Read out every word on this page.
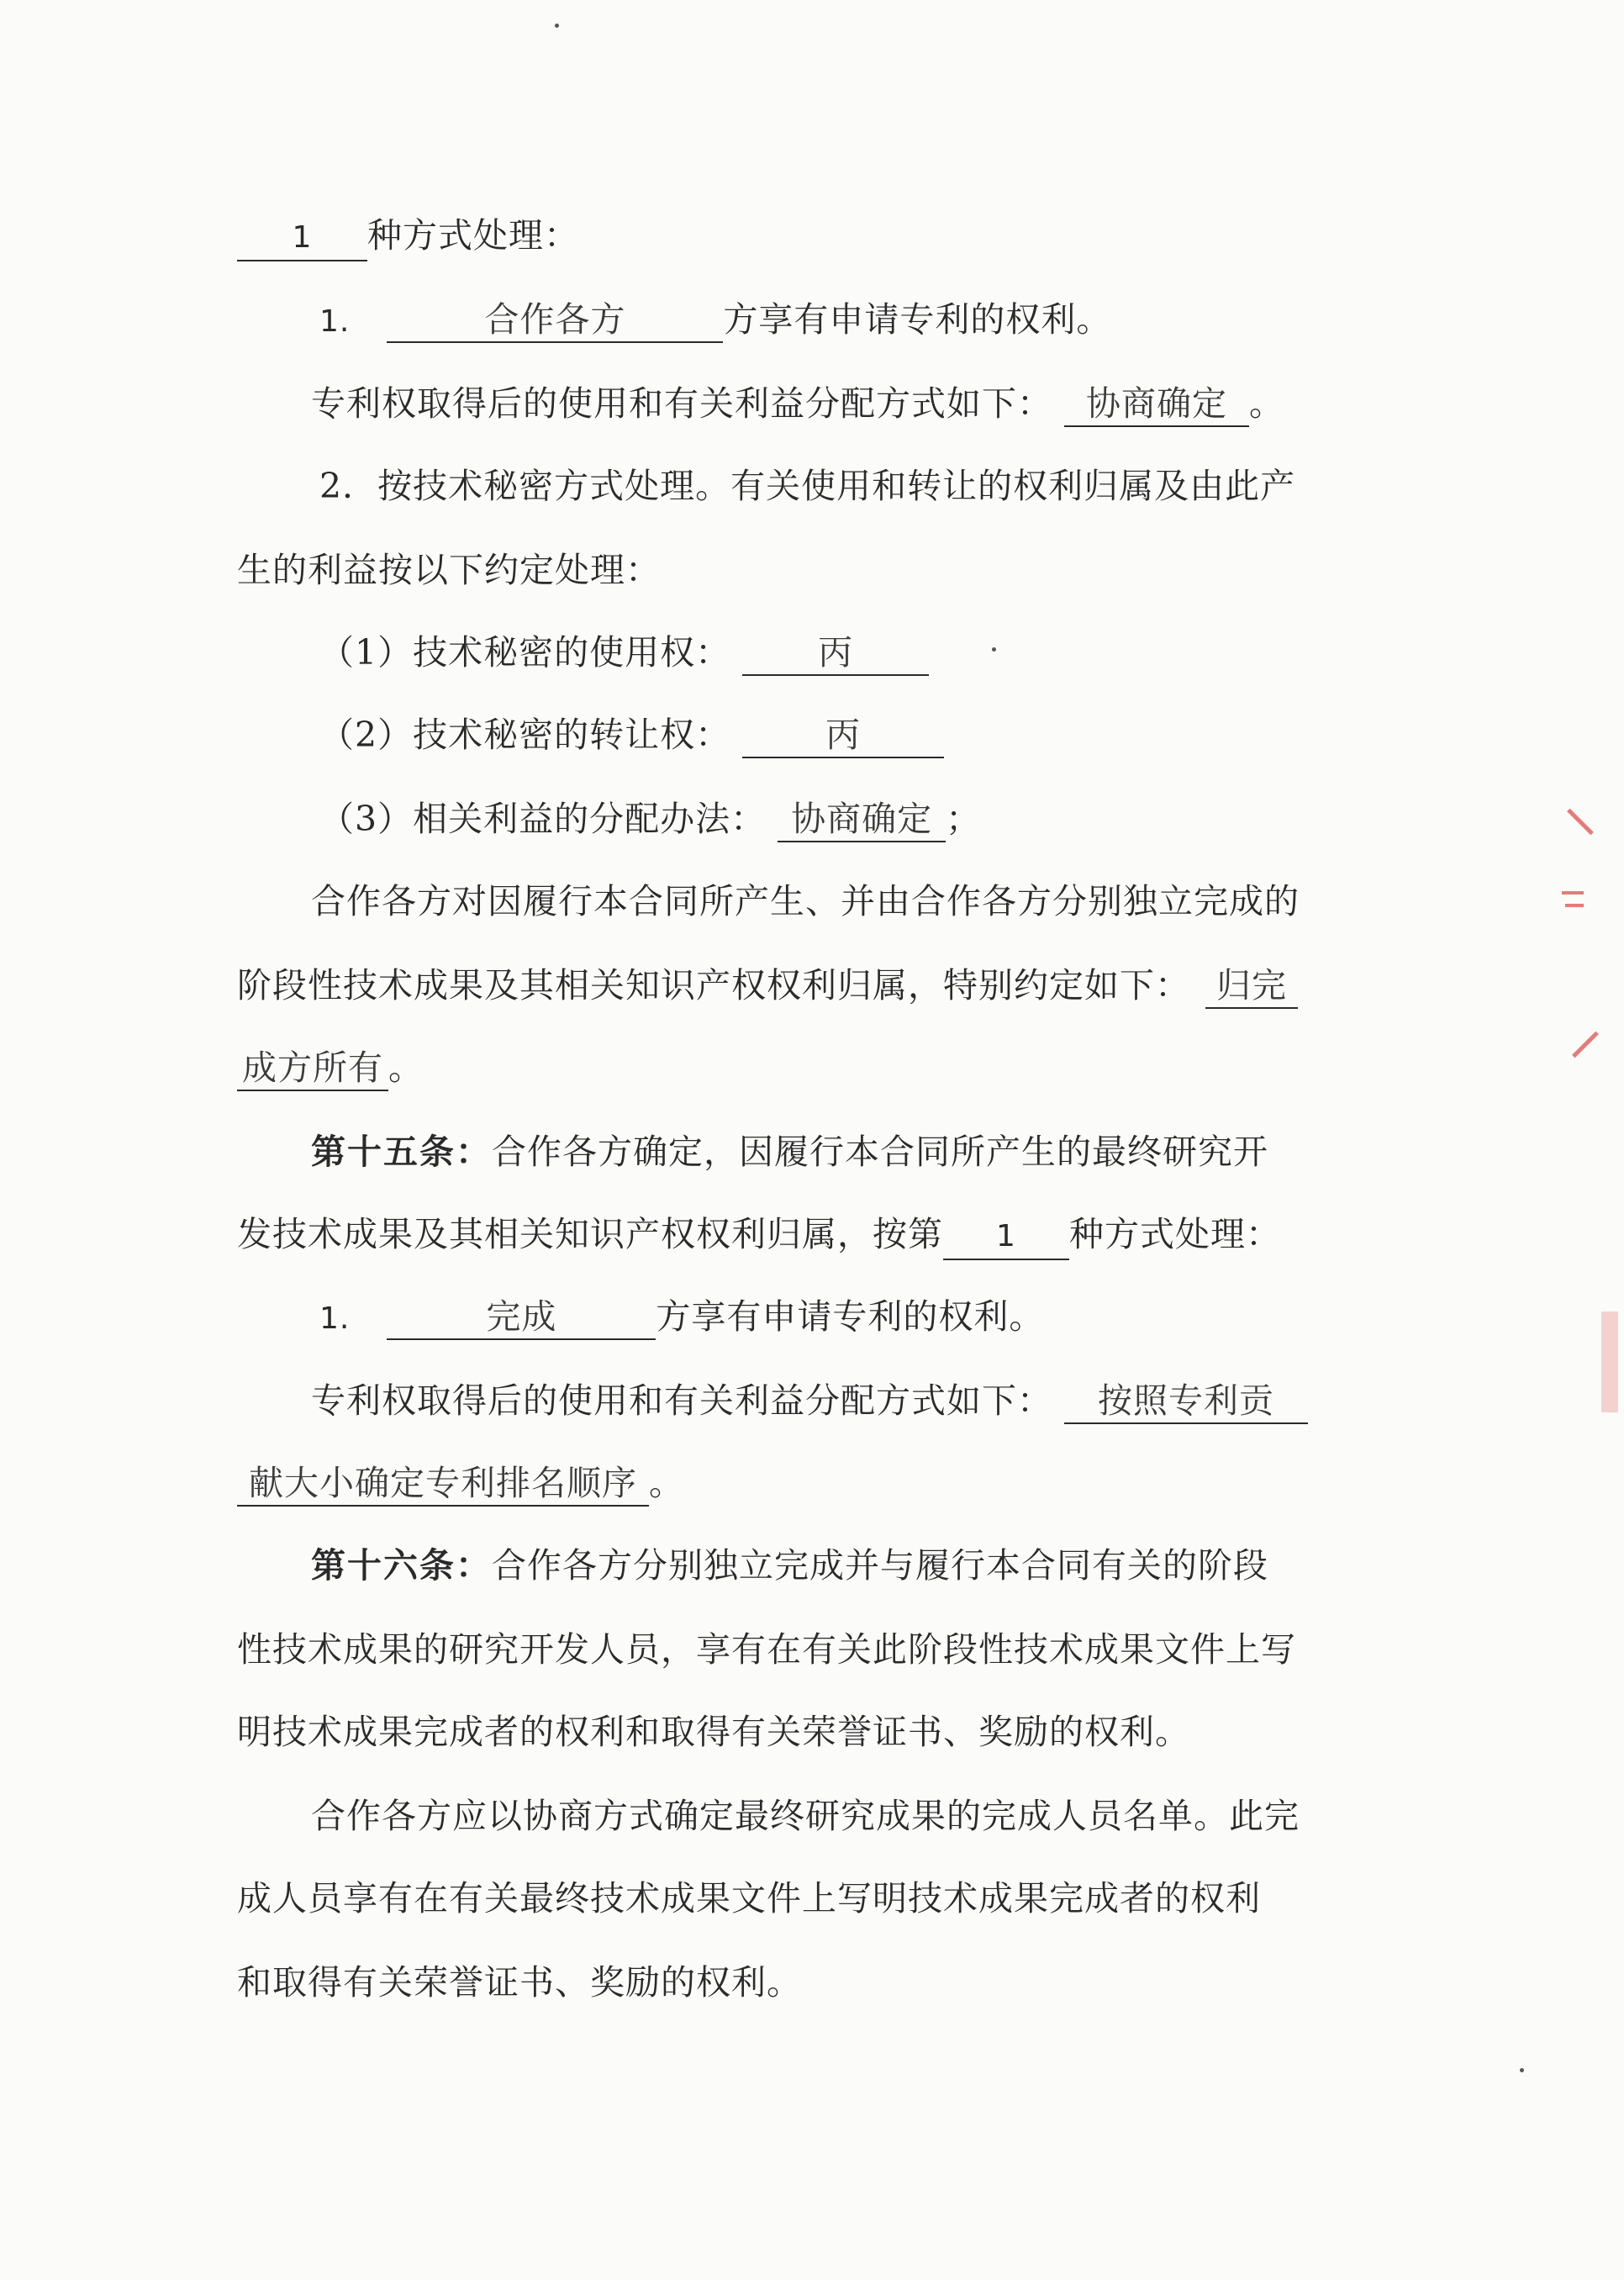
1 种方式处理：
1.	合作各方	方享有申请专利的权利。
专利权取得后的使用和有关利益分配方式如下： 协商确定 。
2．按技术秘密方式处理。有关使用和转让的权利归属及由此产
生的利益按以下约定处理：
（1）技术秘密的使用权：	丙
（2）技术秘密的转让权：	丙
（3）相关利益的分配办法： 协商确定 ；
合作各方对因履行本合同所产生、并由合作各方分别独立完成的
阶段性技术成果及其相关知识产权权利归属，特别约定如下： 归完
成方所有 。
第十五条：合作各方确定，因履行本合同所产生的最终研究开
发技术成果及其相关知识产权权利归属，按第 1 种方式处理：
1.	完成	方享有申请专利的权利。
专利权取得后的使用和有关利益分配方式如下： 按照专利贡
献大小确定专利排名顺序 。
第十六条：合作各方分别独立完成并与履行本合同有关的阶段
性技术成果的研究开发人员，享有在有关此阶段性技术成果文件上写
明技术成果完成者的权利和取得有关荣誉证书、奖励的权利。
合作各方应以协商方式确定最终研究成果的完成人员名单。此完
成人员享有在有关最终技术成果文件上写明技术成果完成者的权利
和取得有关荣誉证书、奖励的权利。
